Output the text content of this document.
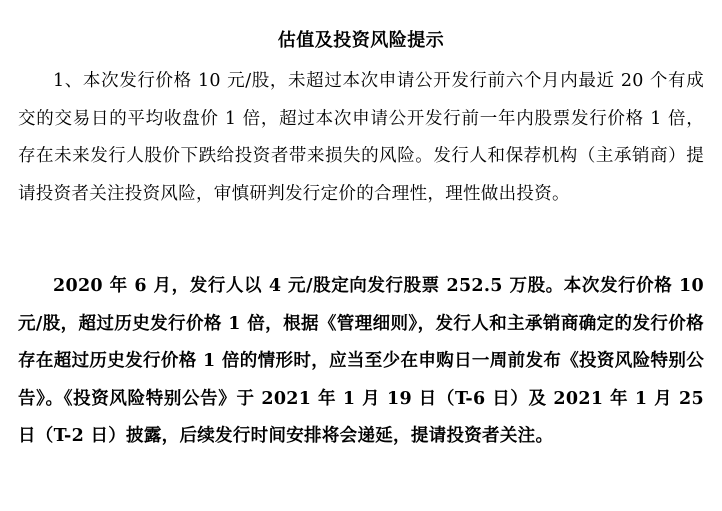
估值及投资风险提示
1、本次发行价格 10 元/股，未超过本次申请公开发行前六个月内最近 20 个有成交的交易日的平均收盘价 1 倍，超过本次申请公开发行前一年内股票发行价格 1 倍，存在未来发行人股价下跌给投资者带来损失的风险。发行人和保荐机构（主承销商）提请投资者关注投资风险，审慎研判发行定价的合理性，理性做出投资。
2020 年 6 月，发行人以 4 元/股定向发行股票 252.5 万股。本次发行价格 10 元/股，超过历史发行价格 1 倍，根据《管理细则》，发行人和主承销商确定的发行价格存在超过历史发行价格 1 倍的情形时，应当至少在申购日一周前发布《投资风险特别公告》。《投资风险特别公告》于 2021 年 1 月 19 日（T-6 日）及 2021 年 1 月 25 日（T-2 日）披露，后续发行时间安排将会递延，提请投资者关注。
